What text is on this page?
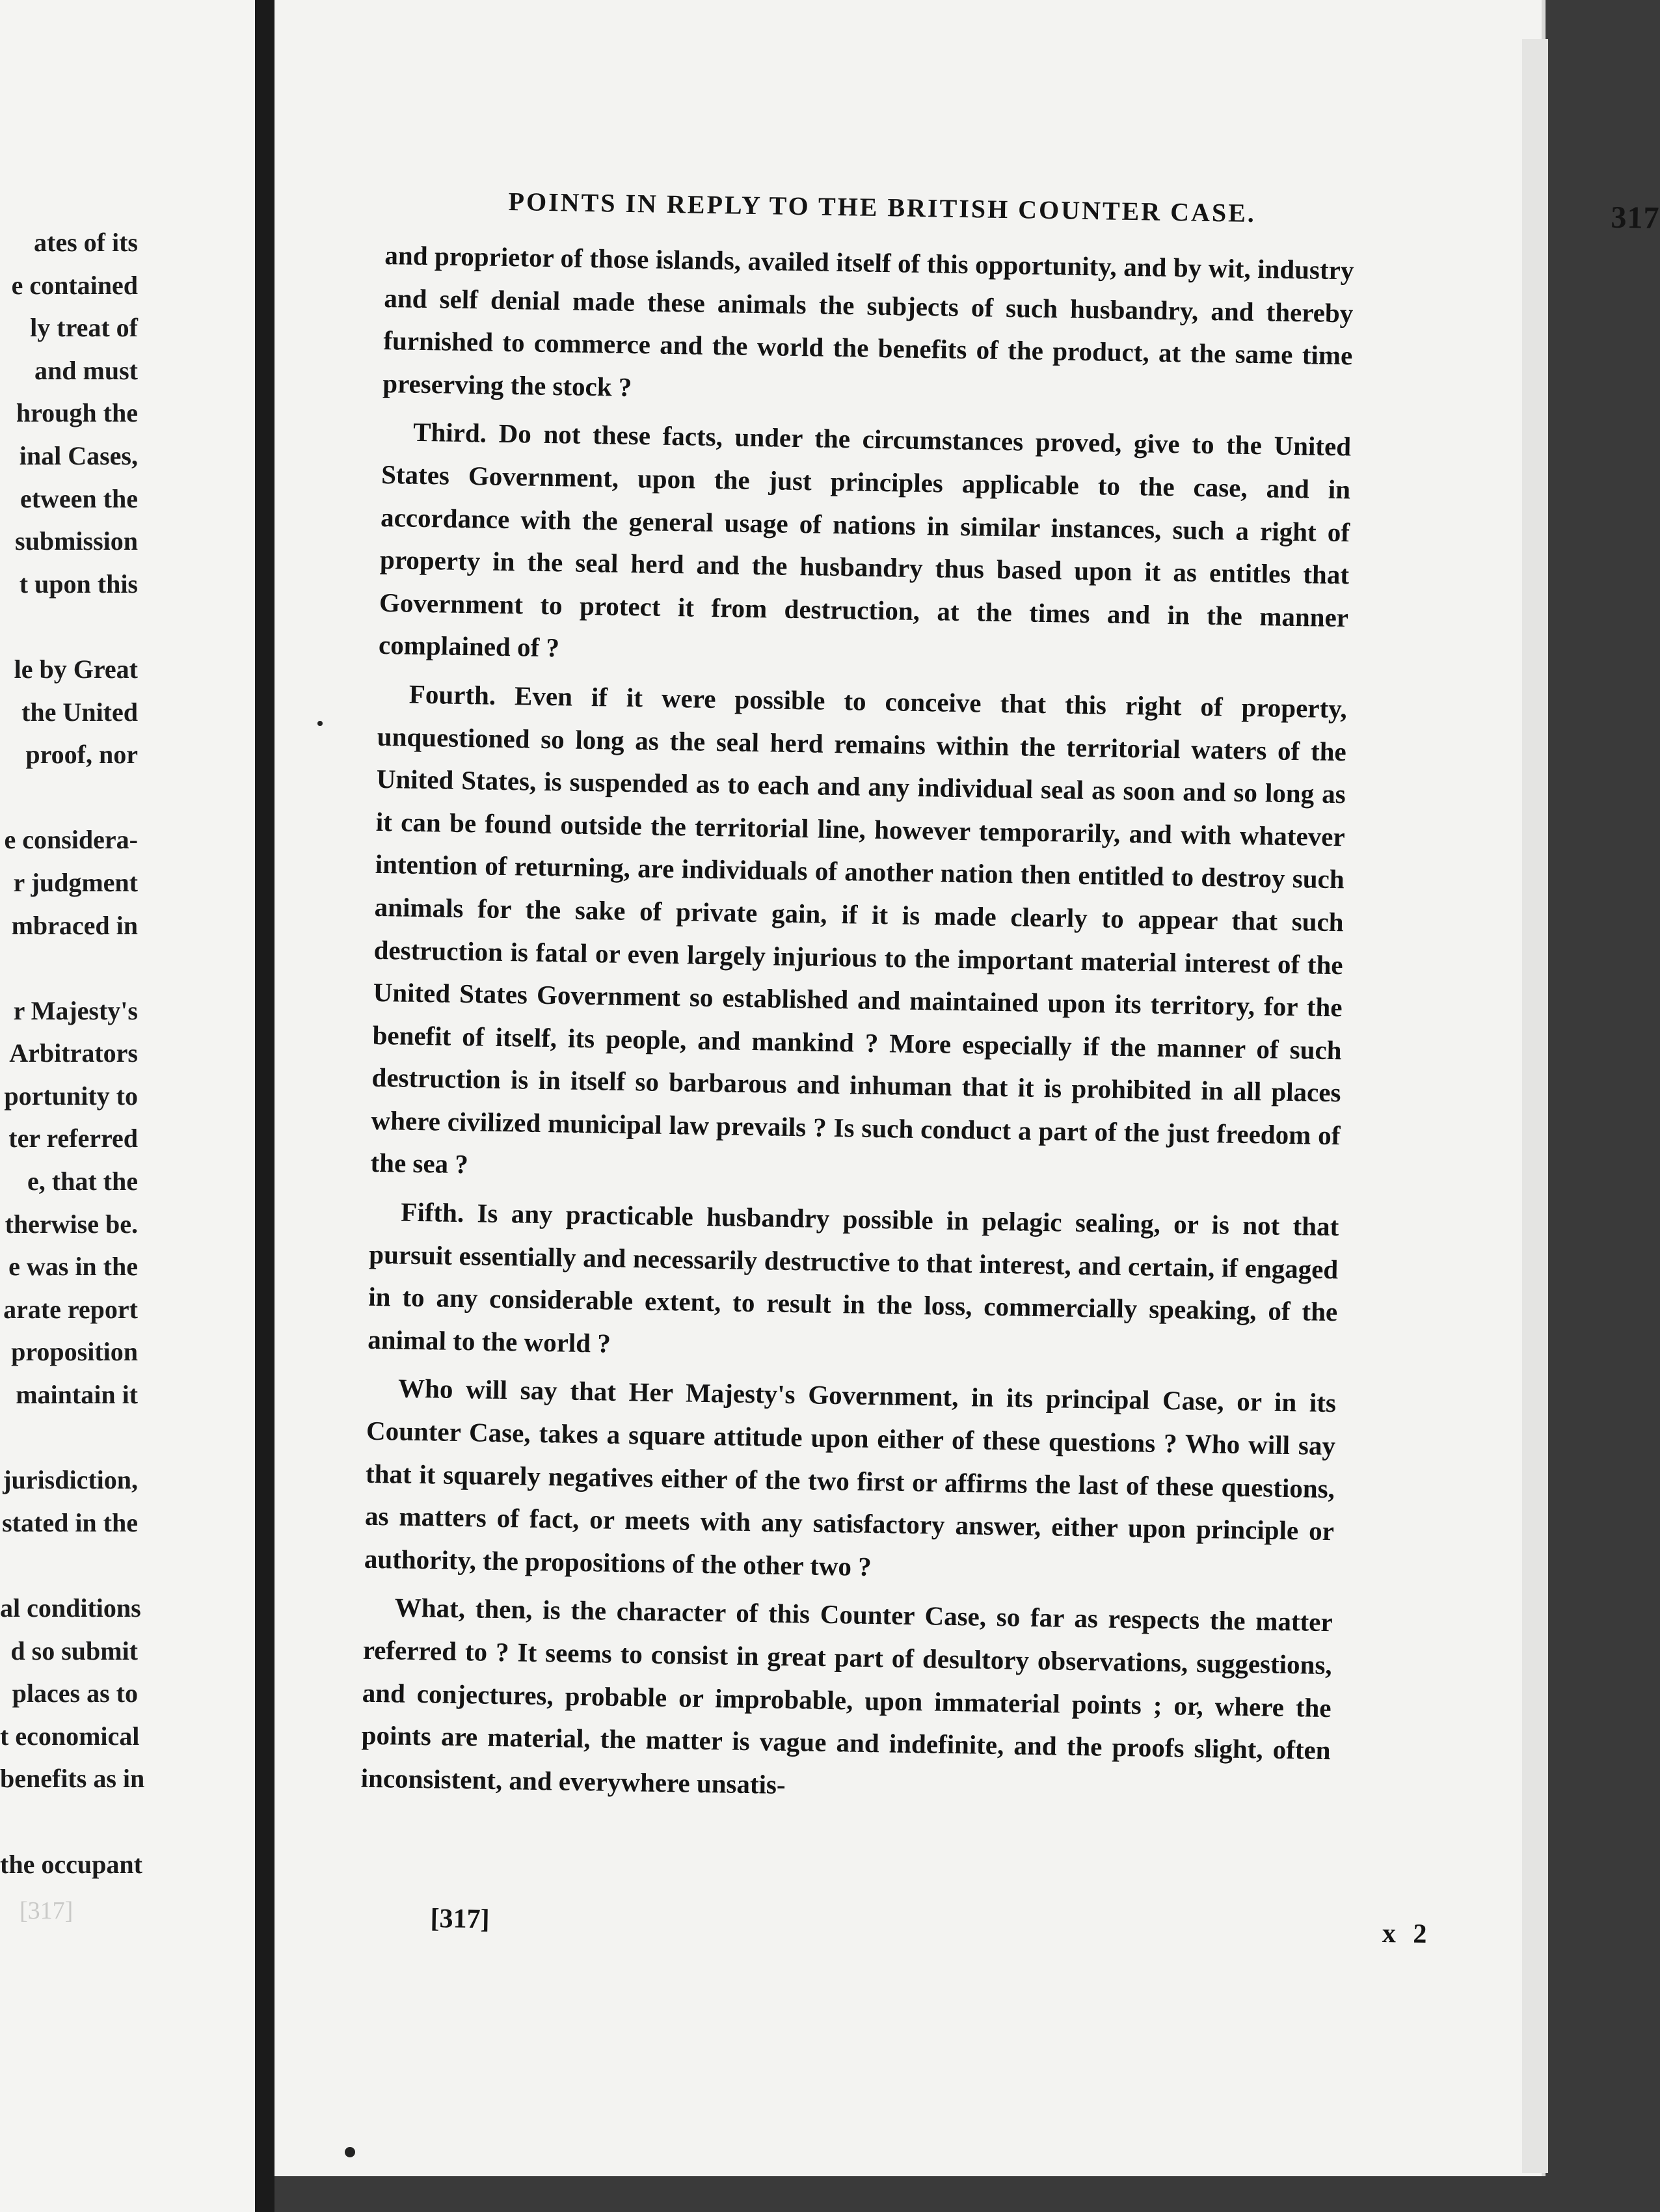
ates of its
e contained
ly treat of
and must
hrough the
inal Cases,
etween the
submission
t upon this
le by Great
the United
proof, nor
e considera-
r judgment
mbraced in
r Majesty's
Arbitrators
portunity to
ter referred
e, that the
therwise be.
e was in the
arate report
proposition
maintain it
jurisdiction,
stated in the
al conditions
d so submit
places as to
t economical
benefits as in
the occupant
[317]
POINTS IN REPLY TO THE BRITISH COUNTER CASE.	317

and proprietor of those islands, availed itself of this opportunity, and by wit, industry and self denial made these animals the subjects of such husbandry, and thereby furnished to commerce and the world the benefits of the product, at the same time preserving the stock ?

Third. Do not these facts, under the circumstances proved, give to the United States Government, upon the just principles applicable to the case, and in accordance with the general usage of nations in similar instances, such a right of property in the seal herd and the husbandry thus based upon it as entitles that Government to protect it from destruction, at the times and in the manner complained of ?

Fourth. Even if it were possible to conceive that this right of property, unquestioned so long as the seal herd remains within the territorial waters of the United States, is suspended as to each and any individual seal as soon and so long as it can be found outside the territorial line, however temporarily, and with whatever intention of returning, are individuals of another nation then entitled to destroy such animals for the sake of private gain, if it is made clearly to appear that such destruction is fatal or even largely injurious to the important material interest of the United States Government so established and maintained upon its territory, for the benefit of itself, its people, and mankind ? More especially if the manner of such destruction is in itself so barbarous and inhuman that it is prohibited in all places where civilized municipal law prevails ? Is such conduct a part of the just freedom of the sea ?

Fifth. Is any practicable husbandry possible in pelagic sealing, or is not that pursuit essentially and necessarily destructive to that interest, and certain, if engaged in to any considerable extent, to result in the loss, commercially speaking, of the animal to the world ?

Who will say that Her Majesty's Government, in its principal Case, or in its Counter Case, takes a square attitude upon either of these questions ? Who will say that it squarely negatives either of the two first or affirms the last of these questions, as matters of fact, or meets with any satisfactory answer, either upon principle or authority, the propositions of the other two ?

What, then, is the character of this Counter Case, so far as respects the matter referred to ? It seems to consist in great part of desultory observations, suggestions, and conjectures, probable or improbable, upon immaterial points ; or, where the points are material, the matter is vague and indefinite, and the proofs slight, often inconsistent, and everywhere unsatis-

[317]	x 2
